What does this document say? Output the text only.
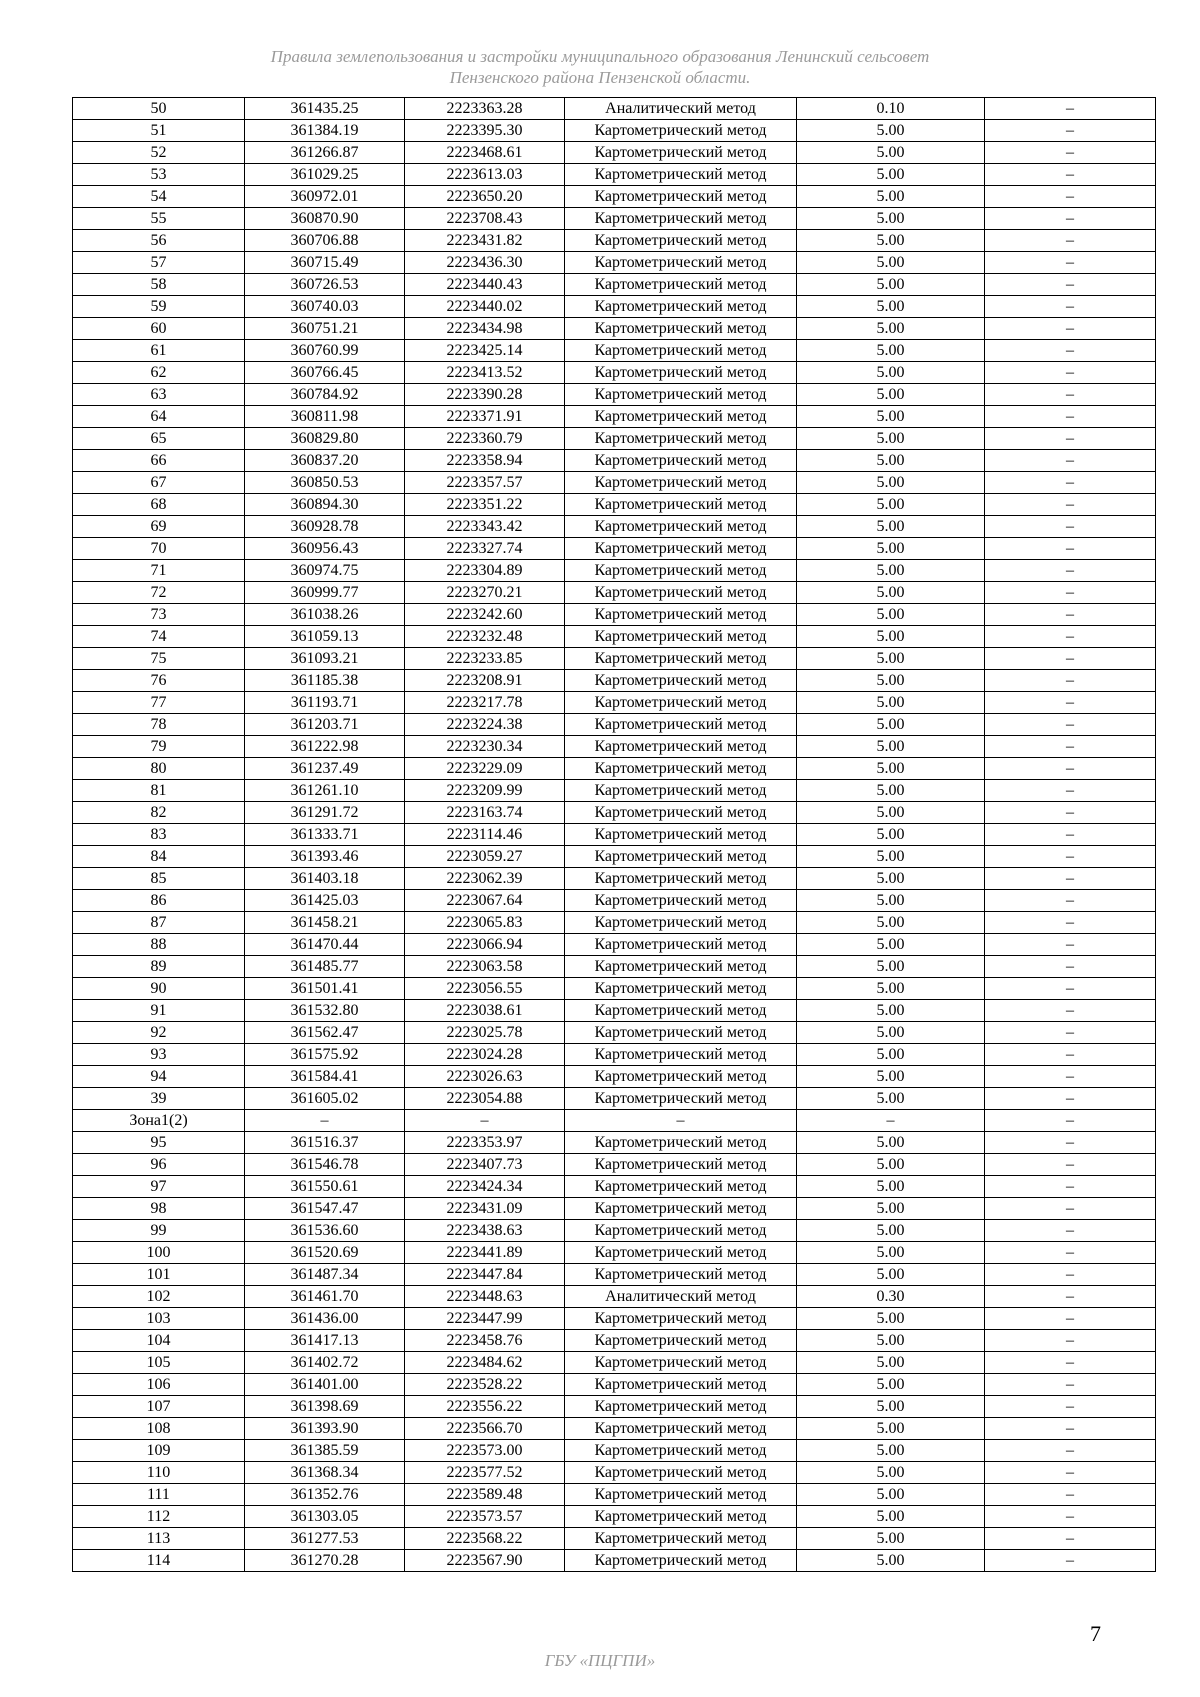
Правила землепользования и застройки муниципального образования Ленинский сельсовет
Пензенского района Пензенской области.
50	361435.25	2223363.28	Аналитический метод	0.10	–
51	361384.19	2223395.30	Картометрический метод	5.00	–
52	361266.87	2223468.61	Картометрический метод	5.00	–
53	361029.25	2223613.03	Картометрический метод	5.00	–
54	360972.01	2223650.20	Картометрический метод	5.00	–
55	360870.90	2223708.43	Картометрический метод	5.00	–
56	360706.88	2223431.82	Картометрический метод	5.00	–
57	360715.49	2223436.30	Картометрический метод	5.00	–
58	360726.53	2223440.43	Картометрический метод	5.00	–
59	360740.03	2223440.02	Картометрический метод	5.00	–
60	360751.21	2223434.98	Картометрический метод	5.00	–
61	360760.99	2223425.14	Картометрический метод	5.00	–
62	360766.45	2223413.52	Картометрический метод	5.00	–
63	360784.92	2223390.28	Картометрический метод	5.00	–
64	360811.98	2223371.91	Картометрический метод	5.00	–
65	360829.80	2223360.79	Картометрический метод	5.00	–
66	360837.20	2223358.94	Картометрический метод	5.00	–
67	360850.53	2223357.57	Картометрический метод	5.00	–
68	360894.30	2223351.22	Картометрический метод	5.00	–
69	360928.78	2223343.42	Картометрический метод	5.00	–
70	360956.43	2223327.74	Картометрический метод	5.00	–
71	360974.75	2223304.89	Картометрический метод	5.00	–
72	360999.77	2223270.21	Картометрический метод	5.00	–
73	361038.26	2223242.60	Картометрический метод	5.00	–
74	361059.13	2223232.48	Картометрический метод	5.00	–
75	361093.21	2223233.85	Картометрический метод	5.00	–
76	361185.38	2223208.91	Картометрический метод	5.00	–
77	361193.71	2223217.78	Картометрический метод	5.00	–
78	361203.71	2223224.38	Картометрический метод	5.00	–
79	361222.98	2223230.34	Картометрический метод	5.00	–
80	361237.49	2223229.09	Картометрический метод	5.00	–
81	361261.10	2223209.99	Картометрический метод	5.00	–
82	361291.72	2223163.74	Картометрический метод	5.00	–
83	361333.71	2223114.46	Картометрический метод	5.00	–
84	361393.46	2223059.27	Картометрический метод	5.00	–
85	361403.18	2223062.39	Картометрический метод	5.00	–
86	361425.03	2223067.64	Картометрический метод	5.00	–
87	361458.21	2223065.83	Картометрический метод	5.00	–
88	361470.44	2223066.94	Картометрический метод	5.00	–
89	361485.77	2223063.58	Картометрический метод	5.00	–
90	361501.41	2223056.55	Картометрический метод	5.00	–
91	361532.80	2223038.61	Картометрический метод	5.00	–
92	361562.47	2223025.78	Картометрический метод	5.00	–
93	361575.92	2223024.28	Картометрический метод	5.00	–
94	361584.41	2223026.63	Картометрический метод	5.00	–
39	361605.02	2223054.88	Картометрический метод	5.00	–
Зона1(2)	–	–	–	–	–
95	361516.37	2223353.97	Картометрический метод	5.00	–
96	361546.78	2223407.73	Картометрический метод	5.00	–
97	361550.61	2223424.34	Картометрический метод	5.00	–
98	361547.47	2223431.09	Картометрический метод	5.00	–
99	361536.60	2223438.63	Картометрический метод	5.00	–
100	361520.69	2223441.89	Картометрический метод	5.00	–
101	361487.34	2223447.84	Картометрический метод	5.00	–
102	361461.70	2223448.63	Аналитический метод	0.30	–
103	361436.00	2223447.99	Картометрический метод	5.00	–
104	361417.13	2223458.76	Картометрический метод	5.00	–
105	361402.72	2223484.62	Картометрический метод	5.00	–
106	361401.00	2223528.22	Картометрический метод	5.00	–
107	361398.69	2223556.22	Картометрический метод	5.00	–
108	361393.90	2223566.70	Картометрический метод	5.00	–
109	361385.59	2223573.00	Картометрический метод	5.00	–
110	361368.34	2223577.52	Картометрический метод	5.00	–
111	361352.76	2223589.48	Картометрический метод	5.00	–
112	361303.05	2223573.57	Картометрический метод	5.00	–
113	361277.53	2223568.22	Картометрический метод	5.00	–
114	361270.28	2223567.90	Картометрический метод	5.00	–
7
ГБУ «ПЦГПИ»
